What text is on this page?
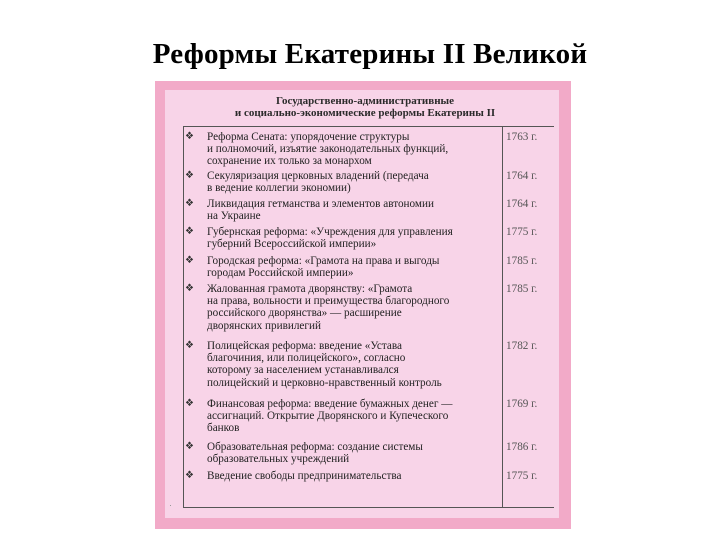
Реформы Екатерины II Великой
Государственно-административные
и социально-экономические реформы Екатерины II
❖ Реформа Сената: упорядочение структуры
и полномочий, изъятие законодательных функций,
сохранение их только за монархом
1763 г.
❖ Секуляризация церковных владений (передача
в ведение коллегии экономии)
1764 г.
❖ Ликвидация гетманства и элементов автономии
на Украине
1764 г.
❖ Губернская реформа: «Учреждения для управления
губерний Всероссийской империи»
1775 г.
❖ Городская реформа: «Грамота на права и выгоды
городам Российской империи»
1785 г.
❖ Жалованная грамота дворянству: «Грамота
на права, вольности и преимущества благородного
российского дворянства» — расширение
дворянских привилегий
1785 г.
❖ Полицейская реформа: введение «Устава
благочиния, или полицейского», согласно
которому за населением устанавливался
полицейский и церковно-нравственный контроль
1782 г.
❖ Финансовая реформа: введение бумажных денег —
ассигнаций. Открытие Дворянского и Купеческого
банков
1769 г.
❖ Образовательная реформа: создание системы
образовательных учреждений
1786 г.
❖ Введение свободы предпринимательства	1775 г.
